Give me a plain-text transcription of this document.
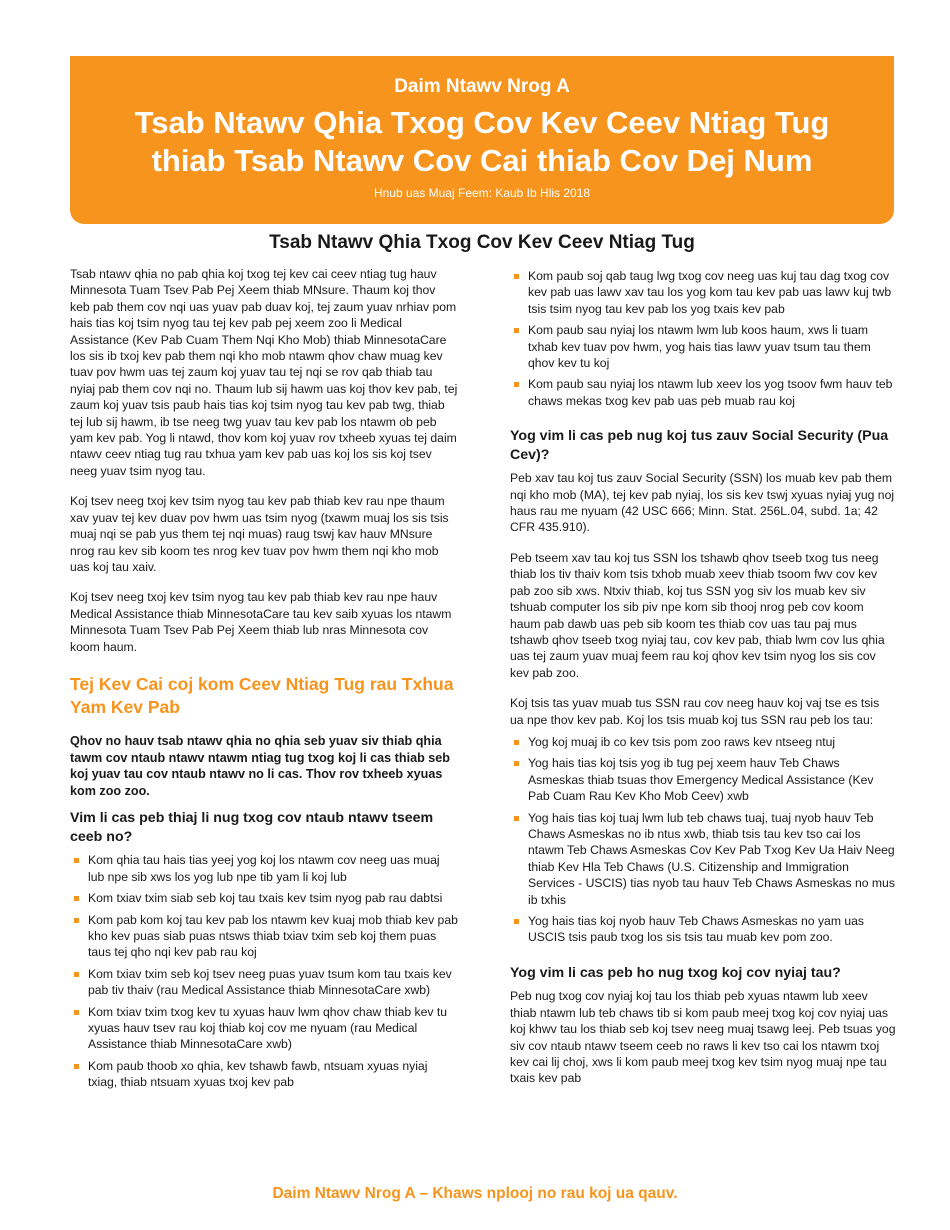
Daim Ntawv Nrog A
Tsab Ntawv Qhia Txog Cov Kev Ceev Ntiag Tug
thiab Tsab Ntawv Cov Cai thiab Cov Dej Num
Hnub uas Muaj Feem: Kaub Ib Hlis 2018
Tsab Ntawv Qhia Txog Cov Kev Ceev Ntiag Tug

Tsab ntawv qhia no pab qhia koj txog tej kev cai ceev ntiag tug hauv Minnesota Tuam Tsev Pab Pej Xeem thiab MNsure. Thaum koj thov keb pab them cov nqi uas yuav pab duav koj, tej zaum yuav nrhiav pom hais tias koj tsim nyog tau tej kev pab pej xeem zoo li Medical Assistance (Kev Pab Cuam Them Nqi Kho Mob) thiab MinnesotaCare los sis ib txoj kev pab them nqi kho mob ntawm qhov chaw muag kev tuav pov hwm uas tej zaum koj yuav tau tej nqi se rov qab thiab tau nyiaj pab them cov nqi no. Thaum lub sij hawm uas koj thov kev pab, tej zaum koj yuav tsis paub hais tias koj tsim nyog tau kev pab twg, thiab tej lub sij hawm, ib tse neeg twg yuav tau kev pab los ntawm ob peb yam kev pab. Yog li ntawd, thov kom koj yuav rov txheeb xyuas tej daim ntawv ceev ntiag tug rau txhua yam kev pab uas koj los sis koj tsev neeg yuav tsim nyog tau.

Koj tsev neeg txoj kev tsim nyog tau kev pab thiab kev rau npe thaum xav yuav tej kev duav pov hwm uas tsim nyog (txawm muaj los sis tsis muaj nqi se pab yus them tej nqi muas) raug tswj kav hauv MNsure nrog rau kev sib koom tes nrog kev tuav pov hwm them nqi kho mob uas koj tau xaiv.

Koj tsev neeg txoj kev tsim nyog tau kev pab thiab kev rau npe hauv Medical Assistance thiab MinnesotaCare tau kev saib xyuas los ntawm Minnesota Tuam Tsev Pab Pej Xeem thiab lub nras Minnesota cov koom haum.

Tej Kev Cai coj kom Ceev Ntiag Tug rau Txhua Yam Kev Pab
Qhov no hauv tsab ntawv qhia no qhia seb yuav siv thiab qhia tawm cov ntaub ntawv ntawm ntiag tug txog koj li cas thiab seb koj yuav tau cov ntaub ntawv no li cas. Thov rov txheeb xyuas kom zoo zoo.
Vim li cas peb thiaj li nug txog cov ntaub ntawv tseem ceeb no?
Kom qhia tau hais tias yeej yog koj los ntawm cov neeg uas muaj lub npe sib xws los yog lub npe tib yam li koj lub
Kom txiav txim siab seb koj tau txais kev tsim nyog pab rau dabtsi
Kom pab kom koj tau kev pab los ntawm kev kuaj mob thiab kev pab kho kev puas siab puas ntsws thiab txiav txim seb koj them puas taus tej qho nqi kev pab rau koj
Kom txiav txim seb koj tsev neeg puas yuav tsum kom tau txais kev pab tiv thaiv (rau Medical Assistance thiab MinnesotaCare xwb)
Kom txiav txim txog kev tu xyuas hauv lwm qhov chaw thiab kev tu xyuas hauv tsev rau koj thiab koj cov me nyuam (rau Medical Assistance thiab MinnesotaCare xwb)
Kom paub thoob xo qhia, kev tshawb fawb, ntsuam xyuas nyiaj txiag, thiab ntsuam xyuas txoj kev pab
Kom paub soj qab taug lwg txog cov neeg uas kuj tau dag txog cov kev pab uas lawv xav tau los yog kom tau kev pab uas lawv kuj twb tsis tsim nyog tau kev pab los yog txais kev pab
Kom paub sau nyiaj los ntawm lwm lub koos haum, xws li tuam txhab kev tuav pov hwm, yog hais tias lawv yuav tsum tau them qhov kev tu koj
Kom paub sau nyiaj los ntawm lub xeev los yog tsoov fwm hauv teb chaws mekas txog kev pab uas peb muab rau koj
Yog vim li cas peb nug koj tus zauv Social Security (Pua Cev)?

Peb xav tau koj tus zauv Social Security (SSN) los muab kev pab them nqi kho mob (MA), tej kev pab nyiaj, los sis kev tswj xyuas nyiaj yug noj haus rau me nyuam (42 USC 666; Minn. Stat. 256L.04, subd. 1a; 42 CFR 435.910).

Peb tseem xav tau koj tus SSN los tshawb qhov tseeb txog tus neeg thiab los tiv thaiv kom tsis txhob muab xeev thiab tsoom fwv cov kev pab zoo sib xws. Ntxiv thiab, koj tus SSN yog siv los muab kev siv tshuab computer los sib piv npe kom sib thooj nrog peb cov koom haum pab dawb uas peb sib koom tes thiab cov uas tau paj mus tshawb qhov tseeb txog nyiaj tau, cov kev pab, thiab lwm cov lus qhia uas tej zaum yuav muaj feem rau koj qhov kev tsim nyog los sis cov kev pab zoo.

Koj tsis tas yuav muab tus SSN rau cov neeg hauv koj vaj tse es tsis ua npe thov kev pab. Koj los tsis muab koj tus SSN rau peb los tau:

Yog koj muaj ib co kev tsis pom zoo raws kev ntseeg ntuj
Yog hais tias koj tsis yog ib tug pej xeem hauv Teb Chaws Asmeskas thiab tsuas thov Emergency Medical Assistance (Kev Pab Cuam Rau Kev Kho Mob Ceev) xwb
Yog hais tias koj tuaj lwm lub teb chaws tuaj, tuaj nyob hauv Teb Chaws Asmeskas no ib ntus xwb, thiab tsis tau kev tso cai los ntawm Teb Chaws Asmeskas Cov Kev Pab Txog Kev Ua Haiv Neeg thiab Kev Hla Teb Chaws (U.S. Citizenship and Immigration Services - USCIS) tias nyob tau hauv Teb Chaws Asmeskas no mus ib txhis
Yog hais tias koj nyob hauv Teb Chaws Asmeskas no yam uas USCIS tsis paub txog los sis tsis tau muab kev pom zoo.
Yog vim li cas peb ho nug txog koj cov nyiaj tau?

Peb nug txog cov nyiaj koj tau los thiab peb xyuas ntawm lub xeev thiab ntawm lub teb chaws tib si kom paub meej txog koj cov nyiaj uas koj khwv tau los thiab seb koj tsev neeg muaj tsawg leej. Peb tsuas yog siv cov ntaub ntawv tseem ceeb no raws li kev tso cai los ntawm txoj kev cai lij choj, xws li kom paub meej txog kev tsim nyog muaj npe tau txais kev pab

Daim Ntawv Nrog A – Khaws nplooj no rau koj ua qauv.
